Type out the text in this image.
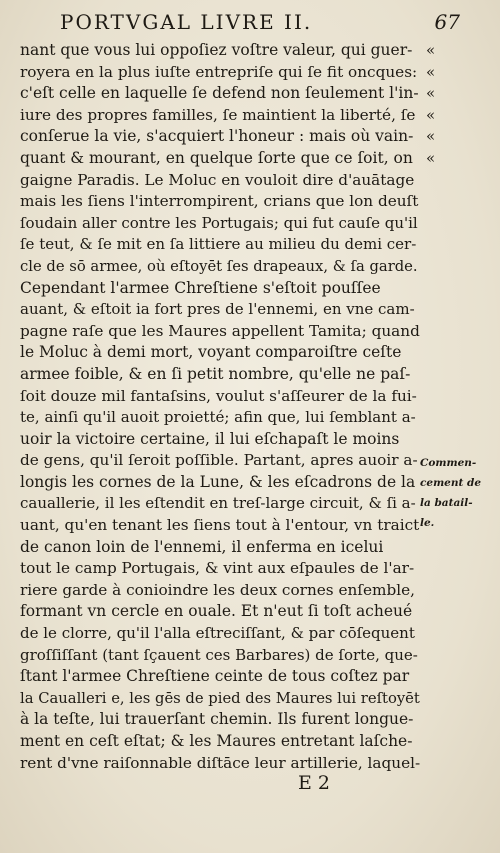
PORTVGAL LIVRE II.	67
nant que vous lui oppoſiez voſtre valeur, qui guer-
royera en la plus iuſte entrepriſe qui ſe fit oncques:
c'eſt celle en laquelle ſe defend non ſeulement l'in-
iure des propres familles, ſe maintient la liberté, ſe
conſerue la vie, s'acquiert l'honeur : mais où vain-
quant & mourant, en quelque ſorte que ce ſoit, on
gaigne Paradis. Le Moluc en vouloit dire d'auātage
mais les ſiens l'interrompirent, crians que lon deuſt
ſoudain aller contre les Portugais; qui fut cauſe qu'il
ſe teut, & ſe mit en ſa littiere au milieu du demi cer-
cle de sō armee, où eſtoyēt ſes drapeaux, & ſa garde.
Cependant l'armee Chreſtiene s'eſtoit pouſſee
auant, & eſtoit ia fort pres de l'ennemi, en vne cam-
pagne raſe que les Maures appellent Tamita; quand
le Moluc à demi mort, voyant comparoiſtre ceſte
armee foible, & en ſi petit nombre, qu'elle ne paſ-
ſoit douze mil fantaſsins, voulut s'aſſeurer de la fui-
te, ainſi qu'il auoit proietté; afin que, lui ſemblant a-
uoir la victoire certaine, il lui eſchapaſt le moins
de gens, qu'il ſeroit poſſible. Partant, apres auoir a-
longis les cornes de la Lune, & les eſcadrons de la
cauallerie, il les eſtendit en treſ-large circuit, & ſi a-
uant, qu'en tenant les ſiens tout à l'entour, vn traict
de canon loin de l'ennemi, il enferma en icelui
tout le camp Portugais, & vint aux eſpaules de l'ar-
riere garde à conioindre les deux cornes enſemble,
formant vn cercle en ouale. Et n'eut ſi toſt acheué
de le clorre, qu'il l'alla eſtreciſſant, & par cōſequent
groſſiſſant (tant ſçauent ces Barbares) de ſorte, que-
ſtant l'armee Chreſtiene ceinte de tous coſtez par
la Caualleri e, les gēs de pied des Maures lui reſtoyēt
à la teſte, lui trauerſant chemin. Ils furent longue-
ment en ceſt eſtat; & les Maures entretant laſche-
rent d'vne raiſonnable diſtāce leur artillerie, laquel-
«
«
«
«
«
«
Commen-
cement de
la batail-
le.
E 2
